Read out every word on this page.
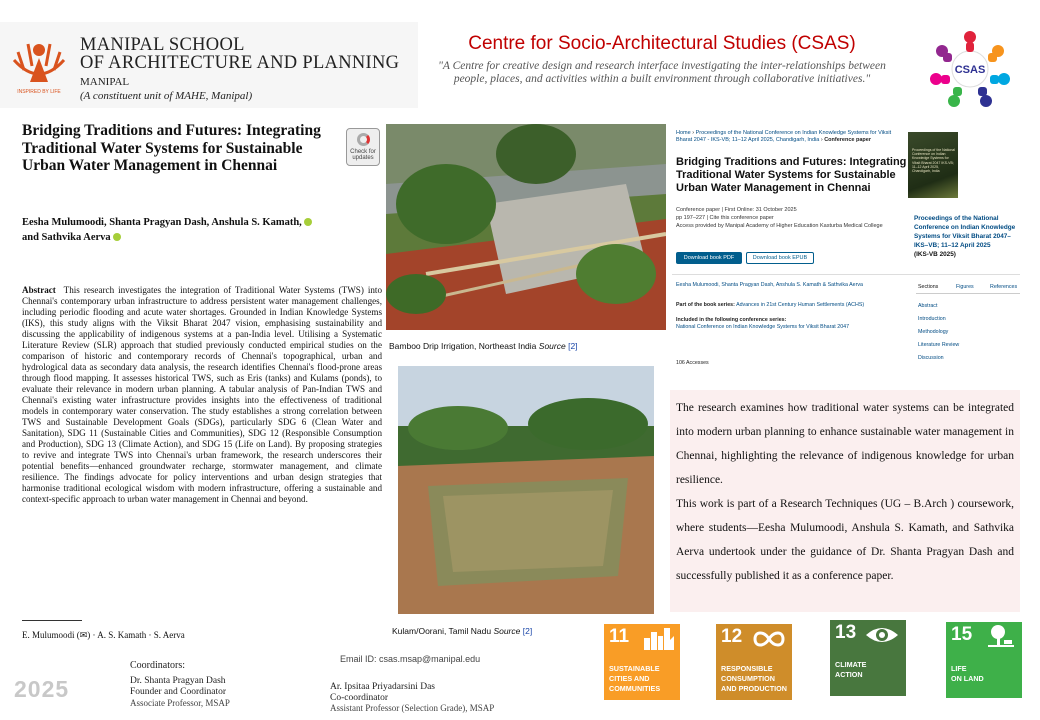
INSPIRED BY LIFE
MANIPAL SCHOOL
OF ARCHITECTURE AND PLANNING
MANIPAL
(A constituent unit of MAHE, Manipal)
Centre for Socio-Architectural Studies (CSAS)
"A Centre for creative design and research interface investigating the inter-relationships between people, places, and activities within a built environment through collaborative initiatives."
CSAS
Bridging Traditions and Futures: Integrating Traditional Water Systems for Sustainable Urban Water Management in Chennai
Check for updates
Eesha Mulumoodi, Shanta Pragyan Dash, Anshula S. Kamath,
and Sathvika Aerva
Abstract This research investigates the integration of Traditional Water Systems (TWS) into Chennai's contemporary urban infrastructure to address persistent water management challenges, including periodic flooding and acute water shortages. Grounded in Indian Knowledge Systems (IKS), this study aligns with the Viksit Bharat 2047 vision, emphasising sustainability and discussing the applicability of indigenous systems at a pan-India level. Utilising a Systematic Literature Review (SLR) approach that studied previously conducted empirical studies on the comparison of historic and contemporary records of Chennai's topographical, urban and hydrological data as secondary data analysis, the research identifies Chennai's flood-prone areas through flood mapping. It assesses historical TWS, such as Eris (tanks) and Kulams (ponds), to evaluate their relevance in modern urban planning. A tabular analysis of Pan-Indian TWS and Chennai's existing water infrastructure provides insights into the effectiveness of traditional models in contemporary water conservation. The study establishes a strong correlation between TWS and Sustainable Development Goals (SDGs), particularly SDG 6 (Clean Water and Sanitation), SDG 11 (Sustainable Cities and Communities), SDG 12 (Responsible Consumption and Production), SDG 13 (Climate Action), and SDG 15 (Life on Land). By proposing strategies to revive and integrate TWS into Chennai's urban framework, the research underscores their potential benefits—enhanced groundwater recharge, stormwater management, and climate resilience. The findings advocate for policy interventions and urban design strategies that harmonise traditional ecological wisdom with modern infrastructure, offering a sustainable and context-specific approach to urban water management in Chennai and beyond.
E. Mulumoodi (✉) · A. S. Kamath · S. Aerva
Bamboo Drip Irrigation, Northeast India Source [2]
Kulam/Oorani, Tamil Nadu Source [2]
Home › Proceedings of the National Conference on Indian Knowledge Systems for Viksit Bharat 2047 - IKS-VB; 11–12 April 2025, Chandigarh, India › Conference paper
Bridging Traditions and Futures: Integrating Traditional Water Systems for Sustainable Urban Water Management in Chennai
Conference paper | First Online: 31 October 2025
pp 197–227 | Cite this conference paper
Access provided by Manipal Academy of Higher Education Kasturba Medical College
Download book PDF	Download book EPUB
Proceedings of the National Conference on Indian Knowledge Systems for Viksit Bharat 2047 IKS-VB; 11–12 April 2025, Chandigarh, India
Proceedings of the National Conference on Indian Knowledge Systems for Viksit Bharat 2047– IKS–VB; 11–12 April 2025
(IKS-VB 2025)
Eesha Mulumoodi, Shanta Pragyan Dash, Anshula S. Kamath & Sathvika Aerva
Part of the book series: Advances in 21st Century Human Settlements (ACHS)
Included in the following conference series:
National Conference on Indian Knowledge Systems for Viksit Bharat 2047
106 Accesses
Sections	Figures	References
Abstract
Introduction
Methodology
Literature Review
Discussion
The research examines how traditional water systems can be integrated into modern urban planning to enhance sustainable water management in Chennai, highlighting the relevance of indigenous knowledge for urban resilience.
This work is part of a Research Techniques (UG – B.Arch ) coursework, where students—Eesha Mulumoodi, Anshula S. Kamath, and Sathvika Aerva undertook under the guidance of Dr. Shanta Pragyan Dash and successfully published it as a conference paper.
11
SUSTAINABLE
CITIES AND
COMMUNITIES
12
RESPONSIBLE
CONSUMPTION
AND PRODUCTION
13
CLIMATE
ACTION
15
LIFE
ON LAND
2025
Coordinators:
Dr. Shanta Pragyan Dash
Founder and Coordinator
Associate Professor, MSAP
Email ID: csas.msap@manipal.edu
Ar. Ipsitaa Priyadarsini Das
Co-coordinator
Assistant Professor (Selection Grade), MSAP
